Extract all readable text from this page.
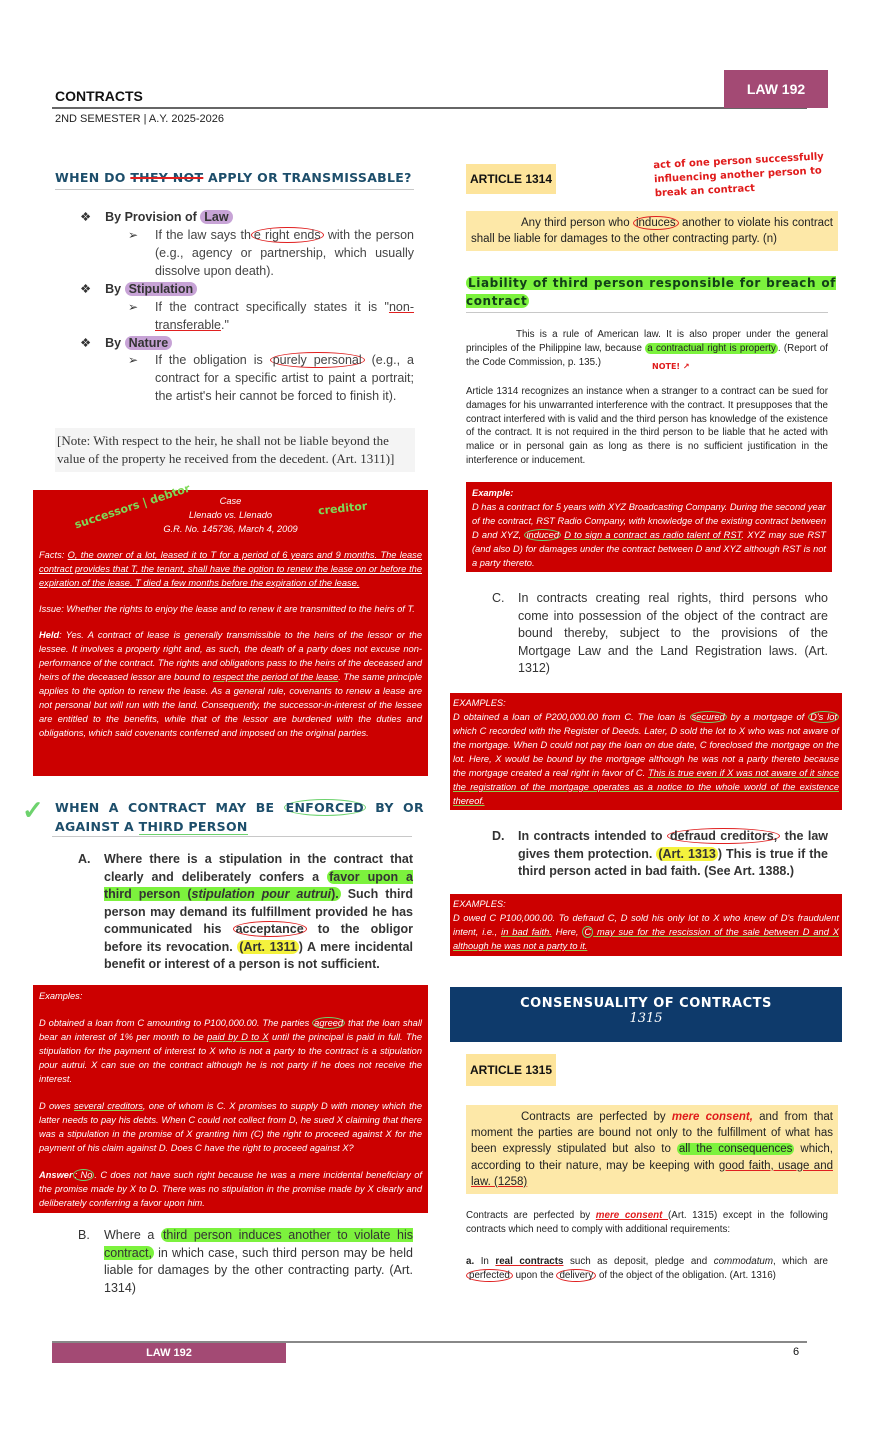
CONTRACTS	LAW 192
2ND SEMESTER | A.Y. 2025-2026
WHEN DO THEY NOT APPLY OR TRANSMISSABLE?
❖ By Provision of Law
➢ If the law says th e right ends with the person (e.g., agency or partnership, which usually dissolve upon death).
❖ By Stipulation
➢ If the contract specifically states it is "non-transferable."
❖ By Nature
➢ If the obligation is purely personal (e.g., a contract for a specific artist to paint a portrait; the artist's heir cannot be forced to finish it).
[Note: With respect to the heir, he shall not be liable beyond the value of the property he received from the decedent. (Art. 1311)]
Case
Llenado vs. Llenado
G.R. No. 145736, March 4, 2009
Facts: O, the owner of a lot, leased it to T for a period of 6 years and 9 months. The lease contract provides that T, the tenant, shall have the option to renew the lease on or before the expiration of the lease. T died a few months before the expiration of the lease.
Issue: Whether the rights to enjoy the lease and to renew it are transmitted to the heirs of T.
Held: Yes. A contract of lease is generally transmissible to the heirs of the lessor or the lessee. It involves a property right and, as such, the death of a party does not excuse non-performance of the contract. The rights and obligations pass to the heirs of the deceased and heirs of the deceased lessor are bound to respect the period of the lease. The same principle applies to the option to renew the lease. As a general rule, covenants to renew a lease are not personal but will run with the land. Consequently, the successor-in-interest of the lessee are entitled to the benefits, while that of the lessor are burdened with the duties and obligations, which said covenants conferred and imposed on the original parties.
successors | debtor	creditor
✓ WHEN  A  CONTRACT  MAY  BE  ENFORCED  BY  OR
AGAINST A THIRD PERSON
A. Where there is a stipulation in the contract that clearly and deliberately confers a favor upon a third person (stipulation pour autrui). Such third person may demand its fulfillment provided he has communicated his acceptance to the obligor before its revocation. (Art. 1311 ) A mere incidental benefit or interest of a person is not sufficient.
Examples:
D obtained a loan from C amounting to P100,000.00. The parties agreed that the loan shall bear an interest of 1% per month to be paid by D to X until the principal is paid in full. The stipulation for the payment of interest to X who is not a party to the contract is a stipulation pour autrui. X can sue on the contract although he is not party if he does not receive the interest.
D owes several creditors, one of whom is C. X promises to supply D with money which the latter needs to pay his debts. When C could not collect from D, he sued X claiming that there was a stipulation in the promise of X granting him (C) the right to proceed against X for the payment of his claim against D. Does C have the right to proceed against X?
Answer : No . C does not have such right because he was a mere incidental beneficiary of the promise made by X to D. There was no stipulation in the promise made by X clearly and deliberately conferring a favor upon him.
B. Where a third person induces another to violate his contract, in which case, such third person may be held liable for damages by the other contracting party. (Art. 1314)
ARTICLE 1314
act of one person successfully influencing another person to break an contract
Any third person who induces another to violate his contract shall be liable for damages to the other contracting party. (n)
Liability of third person responsible for breach of contract
This is a rule of American law. It is also proper under the general principles of the Philippine law, because a contractual right is property . (Report of the Code Commission, p. 135.)	NOTE! ↗
Article 1314 recognizes an instance when a stranger to a contract can be sued for damages for his unwarranted interference with the contract. It presupposes that the contract interfered with is valid and the third person has knowledge of the existence of the contract. It is not required in the third person to be liable that he acted with malice or in personal gain as long as there is no sufficient justification in the interference or inducement.
Example:
D has a contract for 5 years with XYZ Broadcasting Company. During the second year of the contract, RST Radio Company, with knowledge of the existing contract between D and XYZ, induced D to sign a contract as radio talent of RST. XYZ may sue RST (and also D) for damages under the contract between D and XYZ although RST is not a party thereto.
C. In contracts creating real rights, third persons who come into possession of the object of the contract are bound thereby, subject to the provisions of the Mortgage Law and the Land Registration laws. (Art. 1312)
EXAMPLES:
D obtained a loan of P200,000.00 from C. The loan is secured by a mortgage of D's lot which C recorded with the Register of Deeds. Later, D sold the lot to X who was not aware of the mortgage. When D could not pay the loan on due date, C foreclosed the mortgage on the lot. Here, X would be bound by the mortgage although he was not a party thereto because the mortgage created a real right in favor of C. This is true even if X was not aware of it since the registration of the mortgage operates as a notice to the whole world of the existence thereof.
D. In contracts intended to defraud creditors, the law gives them protection. (Art. 1313 ) This is true if the third person acted in bad faith. (See Art. 1388.)
EXAMPLES:
D owed C P100,000.00. To defraud C, D sold his only lot to X who knew of D's fraudulent intent, i.e., in bad faith. Here, C may sue for the rescission of the sale between D and X although he was not a party to it.
CONSENSUALITY OF CONTRACTS
1315
ARTICLE 1315
Contracts are perfected by mere consent, and from that moment the parties are bound not only to the fulfillment of what has been expressly stipulated but also to all the consequences which, according to their nature, may be keeping with good faith, usage and law. (1258)
Contracts are perfected by mere consent (Art. 1315) except in the following contracts which need to comply with additional requirements:
a. In real contracts such as deposit, pledge and commodatum, which are perfected upon the delivery of the object of the obligation. (Art. 1316)
LAW 192	6
